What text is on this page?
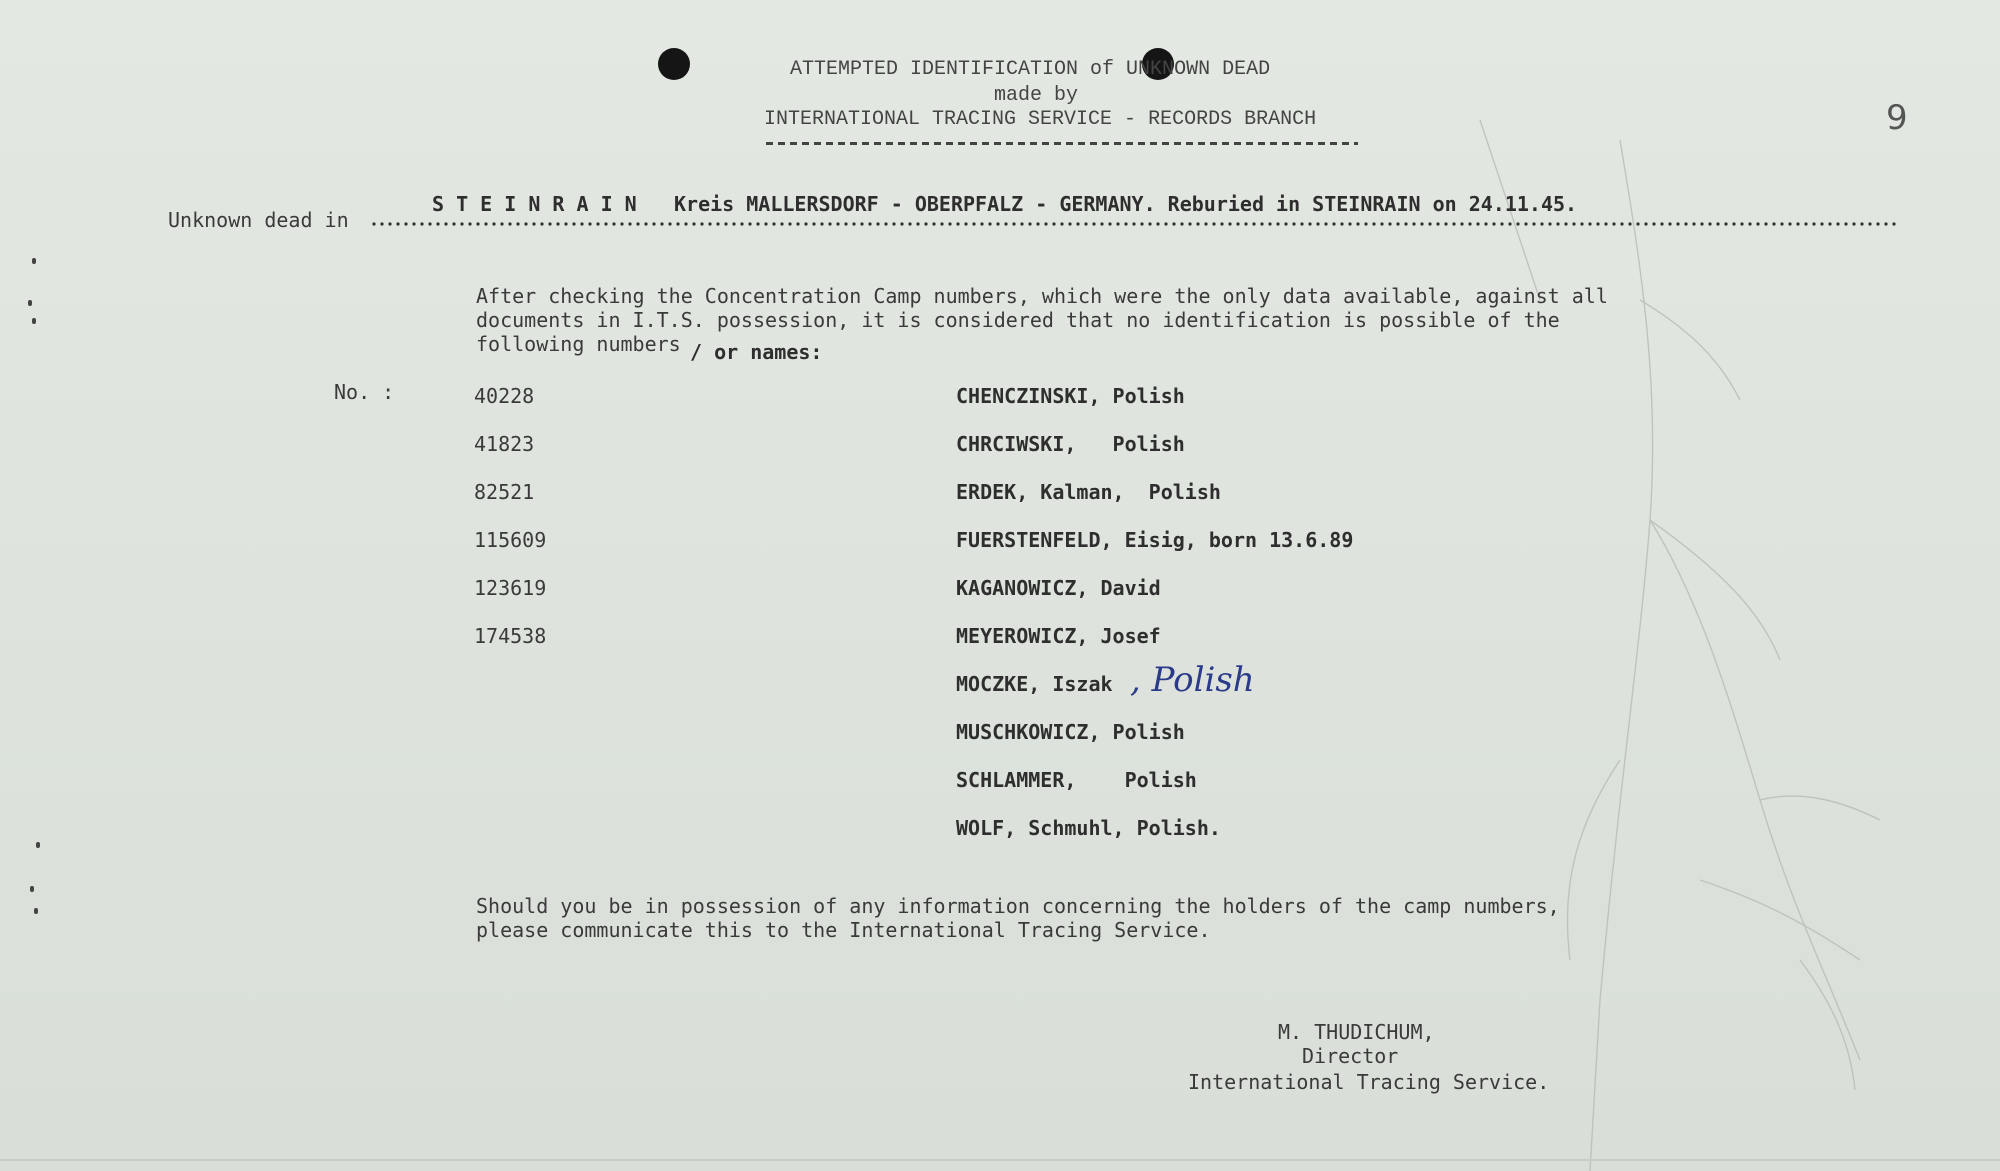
ATTEMPTED IDENTIFICATION of UNKNOWN DEAD
made by
INTERNATIONAL TRACING SERVICE - RECORDS BRANCH	9
Unknown dead in
S T E I N R A I N Kreis MALLERSDORF - OBERPFALZ - GERMANY. Reburied in STEINRAIN on 24.11.45.
After checking the Concentration Camp numbers, which were the only data available, against all
documents in I.T.S. possession, it is considered that no identification is possible of the
following numbers / or names:
No. :	40228
41823
82521
115609
123619
174538
CHENCZINSKI, Polish
CHRCIWSKI,   Polish
ERDEK, Kalman,  Polish
FUERSTENFELD, Eisig, born 13.6.89
KAGANOWICZ, David
MEYEROWICZ, Josef
MOCZKE, Iszak , Polish
MUSCHKOWICZ, Polish
SCHLAMMER,    Polish
WOLF, Schmuhl, Polish.
Should you be in possession of any information concerning the holders of the camp numbers,
please communicate this to the International Tracing Service.
M. THUDICHUM,
Director
International Tracing Service.
